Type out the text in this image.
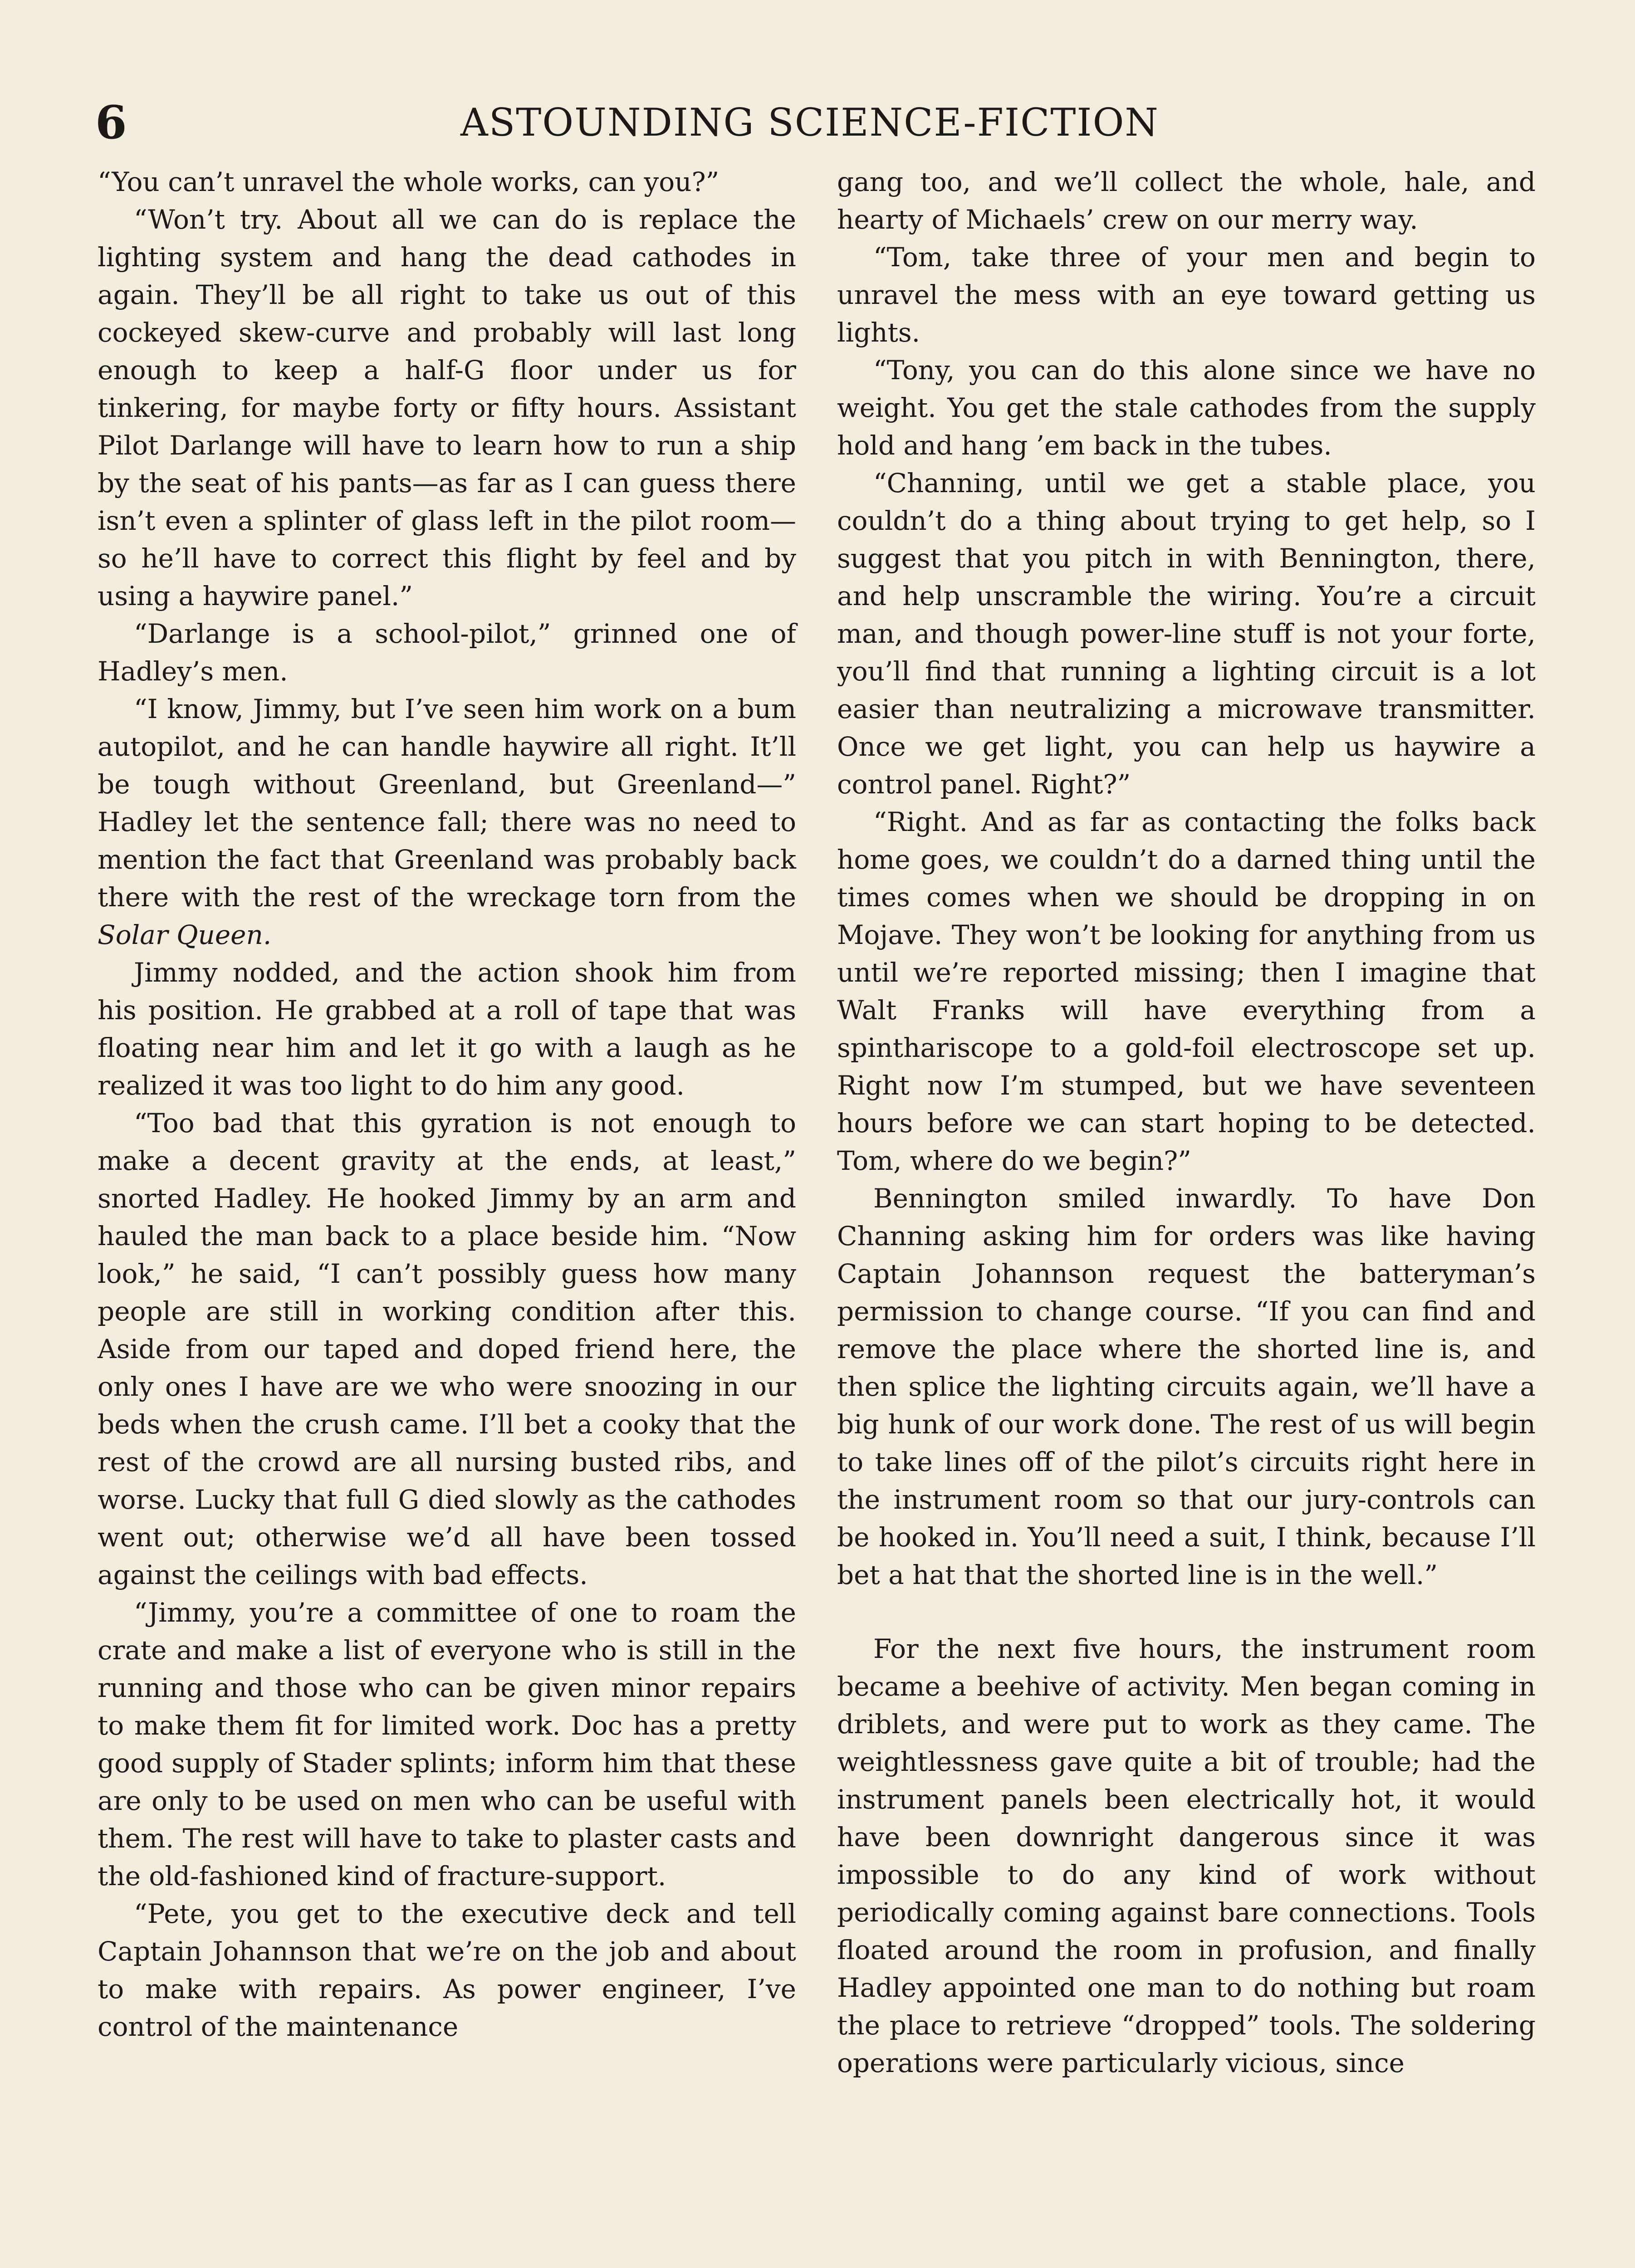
6	ASTOUNDING SCIENCE-FICTION

“You can’t unravel the whole works, can you?”

“Won’t try. About all we can do is replace the lighting system and hang the dead cathodes in again. They’ll be all right to take us out of this cockeyed skew-curve and probably will last long enough to keep a half-G floor under us for tinkering, for maybe forty or fifty hours. Assistant Pilot Darlange will have to learn how to run a ship by the seat of his pants—as far as I can guess there isn’t even a splinter of glass left in the pilot room—so he’ll have to correct this flight by feel and by using a haywire panel.”

“Darlange is a school-pilot,” grinned one of Hadley’s men.

“I know, Jimmy, but I’ve seen him work on a bum autopilot, and he can handle haywire all right. It’ll be tough without Greenland, but Greenland—” Hadley let the sentence fall; there was no need to mention the fact that Greenland was probably back there with the rest of the wreckage torn from the Solar Queen.

Jimmy nodded, and the action shook him from his position. He grabbed at a roll of tape that was floating near him and let it go with a laugh as he realized it was too light to do him any good.

“Too bad that this gyration is not enough to make a decent gravity at the ends, at least,” snorted Hadley. He hooked Jimmy by an arm and hauled the man back to a place beside him. “Now look,” he said, “I can’t possibly guess how many people are still in working condition after this. Aside from our taped and doped friend here, the only ones I have are we who were snoozing in our beds when the crush came. I’ll bet a cooky that the rest of the crowd are all nursing busted ribs, and worse. Lucky that full G died slowly as the cathodes went out; otherwise we’d all have been tossed against the ceilings with bad effects.

“Jimmy, you’re a committee of one to roam the crate and make a list of everyone who is still in the running and those who can be given minor repairs to make them fit for limited work. Doc has a pretty good supply of Stader splints; inform him that these are only to be used on men who can be useful with them. The rest will have to take to plaster casts and the old-fashioned kind of fracture-support.

“Pete, you get to the executive deck and tell Captain Johannson that we’re on the job and about to make with repairs. As power engineer, I’ve control of the maintenance

gang too, and we’ll collect the whole, hale, and hearty of Michaels’ crew on our merry way.

“Tom, take three of your men and begin to unravel the mess with an eye toward getting us lights.

“Tony, you can do this alone since we have no weight. You get the stale cathodes from the supply hold and hang ’em back in the tubes.

“Channing, until we get a stable place, you couldn’t do a thing about trying to get help, so I suggest that you pitch in with Bennington, there, and help unscramble the wiring. You’re a circuit man, and though power-line stuff is not your forte, you’ll find that running a lighting circuit is a lot easier than neutralizing a microwave transmitter. Once we get light, you can help us haywire a control panel. Right?”

“Right. And as far as contacting the folks back home goes, we couldn’t do a darned thing until the times comes when we should be dropping in on Mojave. They won’t be looking for anything from us until we’re reported missing; then I imagine that Walt Franks will have everything from a spinthariscope to a gold-foil electroscope set up. Right now I’m stumped, but we have seventeen hours before we can start hoping to be detected. Tom, where do we begin?”

Bennington smiled inwardly. To have Don Channing asking him for orders was like having Captain Johannson request the batteryman’s permission to change course. “If you can find and remove the place where the shorted line is, and then splice the lighting circuits again, we’ll have a big hunk of our work done. The rest of us will begin to take lines off of the pilot’s circuits right here in the instrument room so that our jury-controls can be hooked in. You’ll need a suit, I think, because I’ll bet a hat that the shorted line is in the well.”

For the next five hours, the instrument room became a beehive of activity. Men began coming in driblets, and were put to work as they came. The weightlessness gave quite a bit of trouble; had the instrument panels been electrically hot, it would have been downright dangerous since it was impossible to do any kind of work without periodically coming against bare connections. Tools floated around the room in profusion, and finally Hadley appointed one man to do nothing but roam the place to retrieve “dropped” tools. The soldering operations were particularly vicious, since
